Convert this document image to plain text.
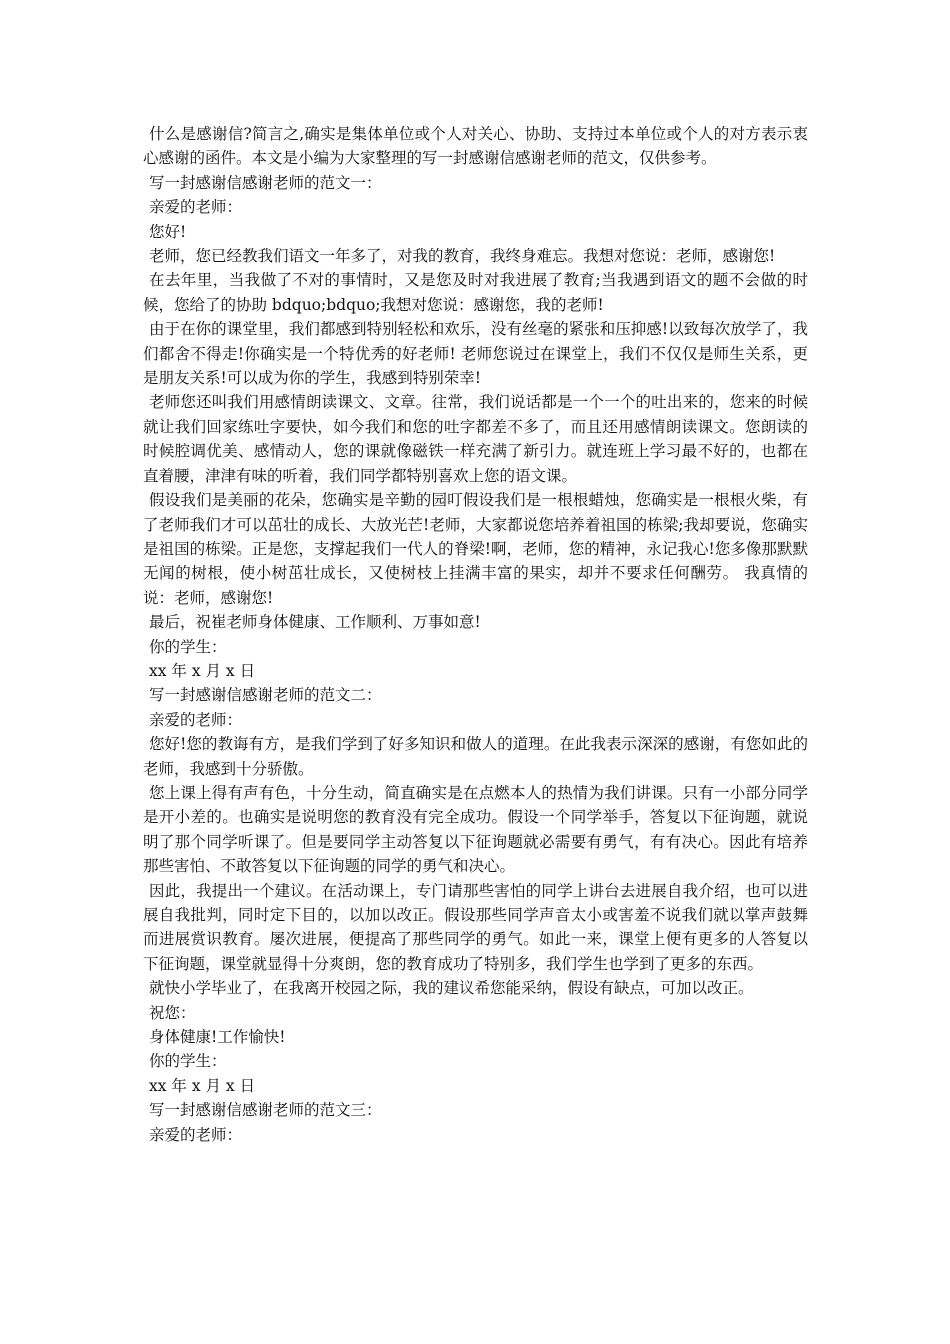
什么是感谢信?简言之,确实是集体单位或个人对关心、协助、支持过本单位或个人的对方表示衷心感谢的函件。本文是小编为大家整理的写一封感谢信感谢老师的范文，仅供参考。

写一封感谢信感谢老师的范文一：

亲爱的老师：

您好!

老师，您已经教我们语文一年多了，对我的教育，我终身难忘。我想对您说：老师，感谢您!

在去年里，当我做了不对的事情时，又是您及时对我进展了教育;当我遇到语文的题不会做的时候，您给了的协助 bdquo;bdquo;我想对您说：感谢您，我的老师!

由于在你的课堂里，我们都感到特别轻松和欢乐，没有丝毫的紧张和压抑感!以致每次放学了，我们都舍不得走!你确实是一个特优秀的好老师! 老师您说过在课堂上，我们不仅仅是师生关系，更是朋友关系!可以成为你的学生，我感到特别荣幸!

老师您还叫我们用感情朗读课文、文章。往常，我们说话都是一个一个的吐出来的，您来的时候就让我们回家练吐字要快，如今我们和您的吐字都差不多了，而且还用感情朗读课文。您朗读的时候腔调优美、感情动人，您的课就像磁铁一样充满了新引力。就连班上学习最不好的，也都在直着腰，津津有味的听着，我们同学都特别喜欢上您的语文课。

假设我们是美丽的花朵，您确实是辛勤的园叮假设我们是一根根蜡烛，您确实是一根根火柴，有了老师我们才可以茁壮的成长、大放光芒!老师，大家都说您培养着祖国的栋梁;我却要说，您确实是祖国的栋梁。正是您，支撑起我们一代人的脊梁!啊，老师，您的精神，永记我心!您多像那默默无闻的树根，使小树茁壮成长，又使树枝上挂满丰富的果实，却并不要求任何酬劳。 我真情的说：老师，感谢您!

最后，祝崔老师身体健康、工作顺利、万事如意!

你的学生：

xx 年 x 月 x 日

写一封感谢信感谢老师的范文二：

亲爱的老师：

您好!您的教诲有方，是我们学到了好多知识和做人的道理。在此我表示深深的感谢，有您如此的老师，我感到十分骄傲。

您上课上得有声有色，十分生动，简直确实是在点燃本人的热情为我们讲课。只有一小部分同学是开小差的。也确实是说明您的教育没有完全成功。假设一个同学举手，答复以下征询题，就说明了那个同学听课了。但是要同学主动答复以下征询题就必需要有勇气，有有决心。因此有培养那些害怕、不敢答复以下征询题的同学的勇气和决心。

因此，我提出一个建议。在活动课上，专门请那些害怕的同学上讲台去进展自我介绍，也可以进展自我批判，同时定下目的，以加以改正。假设那些同学声音太小或害羞不说我们就以掌声鼓舞而进展赏识教育。屡次进展，便提高了那些同学的勇气。如此一来，课堂上便有更多的人答复以下征询题，课堂就显得十分爽朗，您的教育成功了特别多，我们学生也学到了更多的东西。

就快小学毕业了，在我离开校园之际，我的建议希您能采纳，假设有缺点，可加以改正。

祝您：

身体健康!工作愉快!

你的学生：

xx 年 x 月 x 日

写一封感谢信感谢老师的范文三：

亲爱的老师：
